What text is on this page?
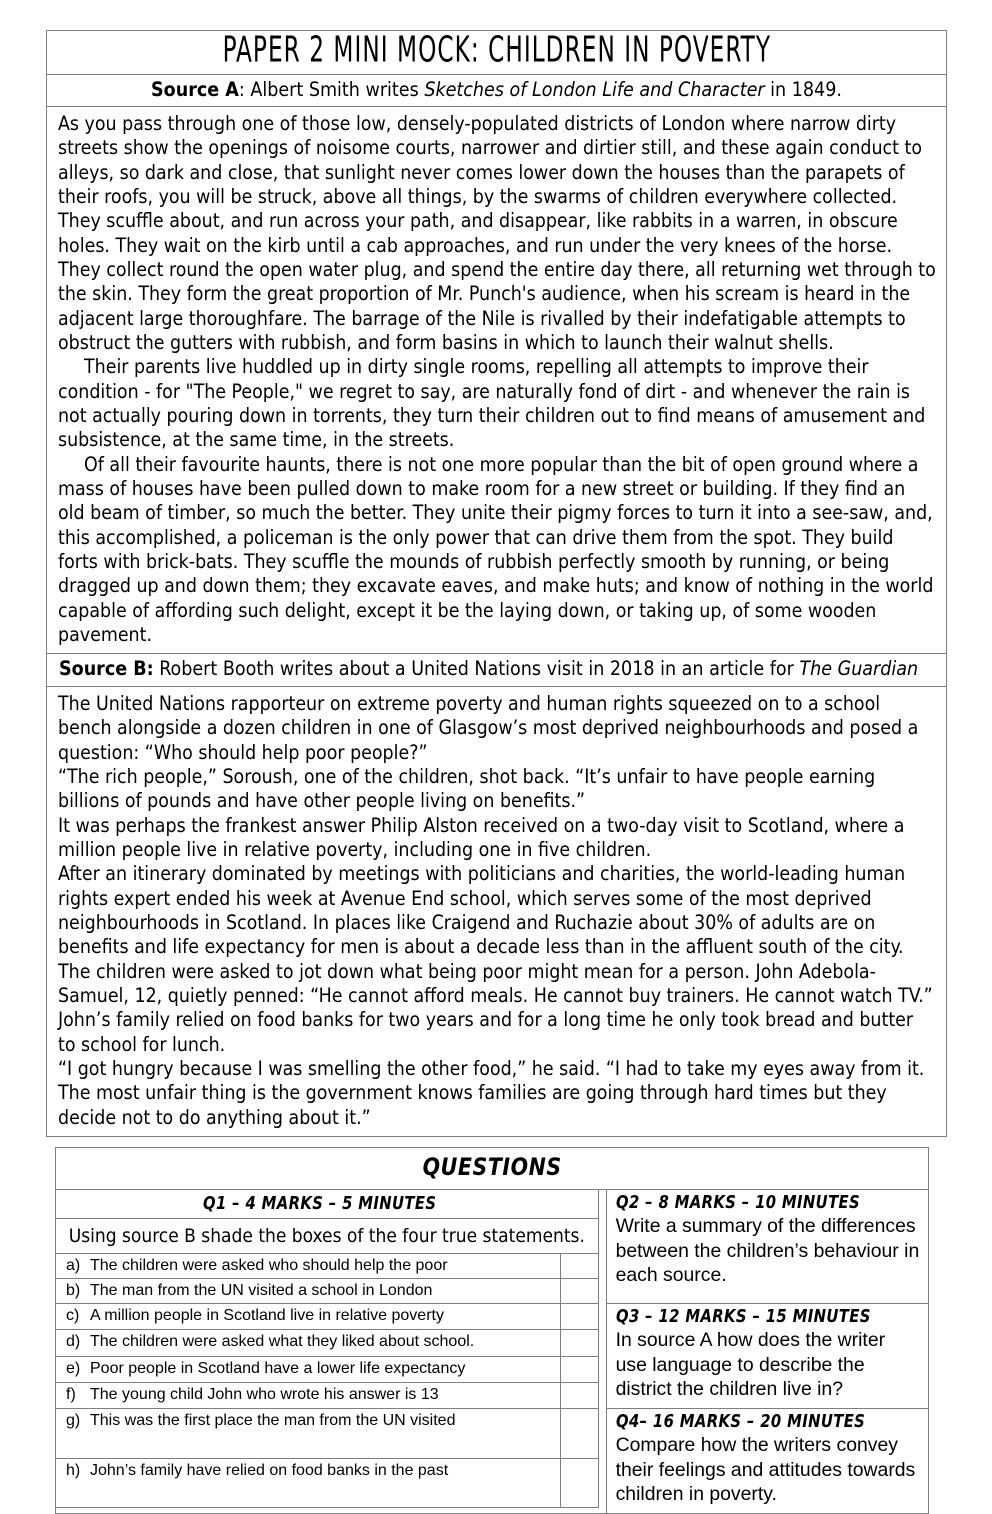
PAPER 2 MINI MOCK: CHILDREN IN POVERTY
Source A: Albert Smith writes Sketches of London Life and Character in 1849.

As you pass through one of those low, densely-populated districts of London where narrow dirty streets show the openings of noisome courts, narrower and dirtier still, and these again conduct to alleys, so dark and close, that sunlight never comes lower down the houses than the parapets of their roofs, you will be struck, above all things, by the swarms of children everywhere collected. They scuffle about, and run across your path, and disappear, like rabbits in a warren, in obscure holes. They wait on the kirb until a cab approaches, and run under the very knees of the horse. They collect round the open water plug, and spend the entire day there, all returning wet through to the skin. They form the great proportion of Mr. Punch's audience, when his scream is heard in the adjacent large thoroughfare. The barrage of the Nile is rivalled by their indefatigable attempts to obstruct the gutters with rubbish, and form basins in which to launch their walnut shells.

Their parents live huddled up in dirty single rooms, repelling all attempts to improve their condition - for "The People," we regret to say, are naturally fond of dirt - and whenever the rain is not actually pouring down in torrents, they turn their children out to find means of amusement and subsistence, at the same time, in the streets.

Of all their favourite haunts, there is not one more popular than the bit of open ground where a mass of houses have been pulled down to make room for a new street or building. If they find an old beam of timber, so much the better. They unite their pigmy forces to turn it into a see-saw, and, this accomplished, a policeman is the only power that can drive them from the spot. They build forts with brick-bats. They scuffle the mounds of rubbish perfectly smooth by running, or being dragged up and down them; they excavate eaves, and make huts; and know of nothing in the world capable of affording such delight, except it be the laying down, or taking up, of some wooden pavement.

Source B: Robert Booth writes about a United Nations visit in 2018 in an article for The Guardian

The United Nations rapporteur on extreme poverty and human rights squeezed on to a school bench alongside a dozen children in one of Glasgow’s most deprived neighbourhoods and posed a question: “Who should help poor people?”

“The rich people,” Soroush, one of the children, shot back. “It’s unfair to have people earning billions of pounds and have other people living on benefits.”

It was perhaps the frankest answer Philip Alston received on a two-day visit to Scotland, where a million people live in relative poverty, including one in five children.

After an itinerary dominated by meetings with politicians and charities, the world-leading human rights expert ended his week at Avenue End school, which serves some of the most deprived neighbourhoods in Scotland. In places like Craigend and Ruchazie about 30% of adults are on benefits and life expectancy for men is about a decade less than in the affluent south of the city.

The children were asked to jot down what being poor might mean for a person. John Adebola-Samuel, 12, quietly penned: “He cannot afford meals. He cannot buy trainers. He cannot watch TV.”

John’s family relied on food banks for two years and for a long time he only took bread and butter to school for lunch.

“I got hungry because I was smelling the other food,” he said. “I had to take my eyes away from it. The most unfair thing is the government knows families are going through hard times but they decide not to do anything about it.”

QUESTIONS			
Q1 – 4 MARKS – 5 MINUTES			Q2 – 8 MARKS – 10 MINUTES
Write a summary of the differences between the children’s behaviour in each source.

Using source B shade the boxes of the four true statements.			
a) The children were asked who should help the poor			
b) The man from the UN visited a school in London			
c) A million people in Scotland live in relative poverty			Q3 – 12 MARKS – 15 MINUTES
In source A how does the writer use language to describe the district the children live in?

d) The children were asked what they liked about school.			
e) Poor people in Scotland have a lower life expectancy			
f) The young child John who wrote his answer is 13			
g) This was the first place the man from the UN visited			Q4– 16 MARKS – 20 MINUTES
Compare how the writers convey their feelings and attitudes towards children in poverty.

h) John’s family have relied on food banks in the past			
